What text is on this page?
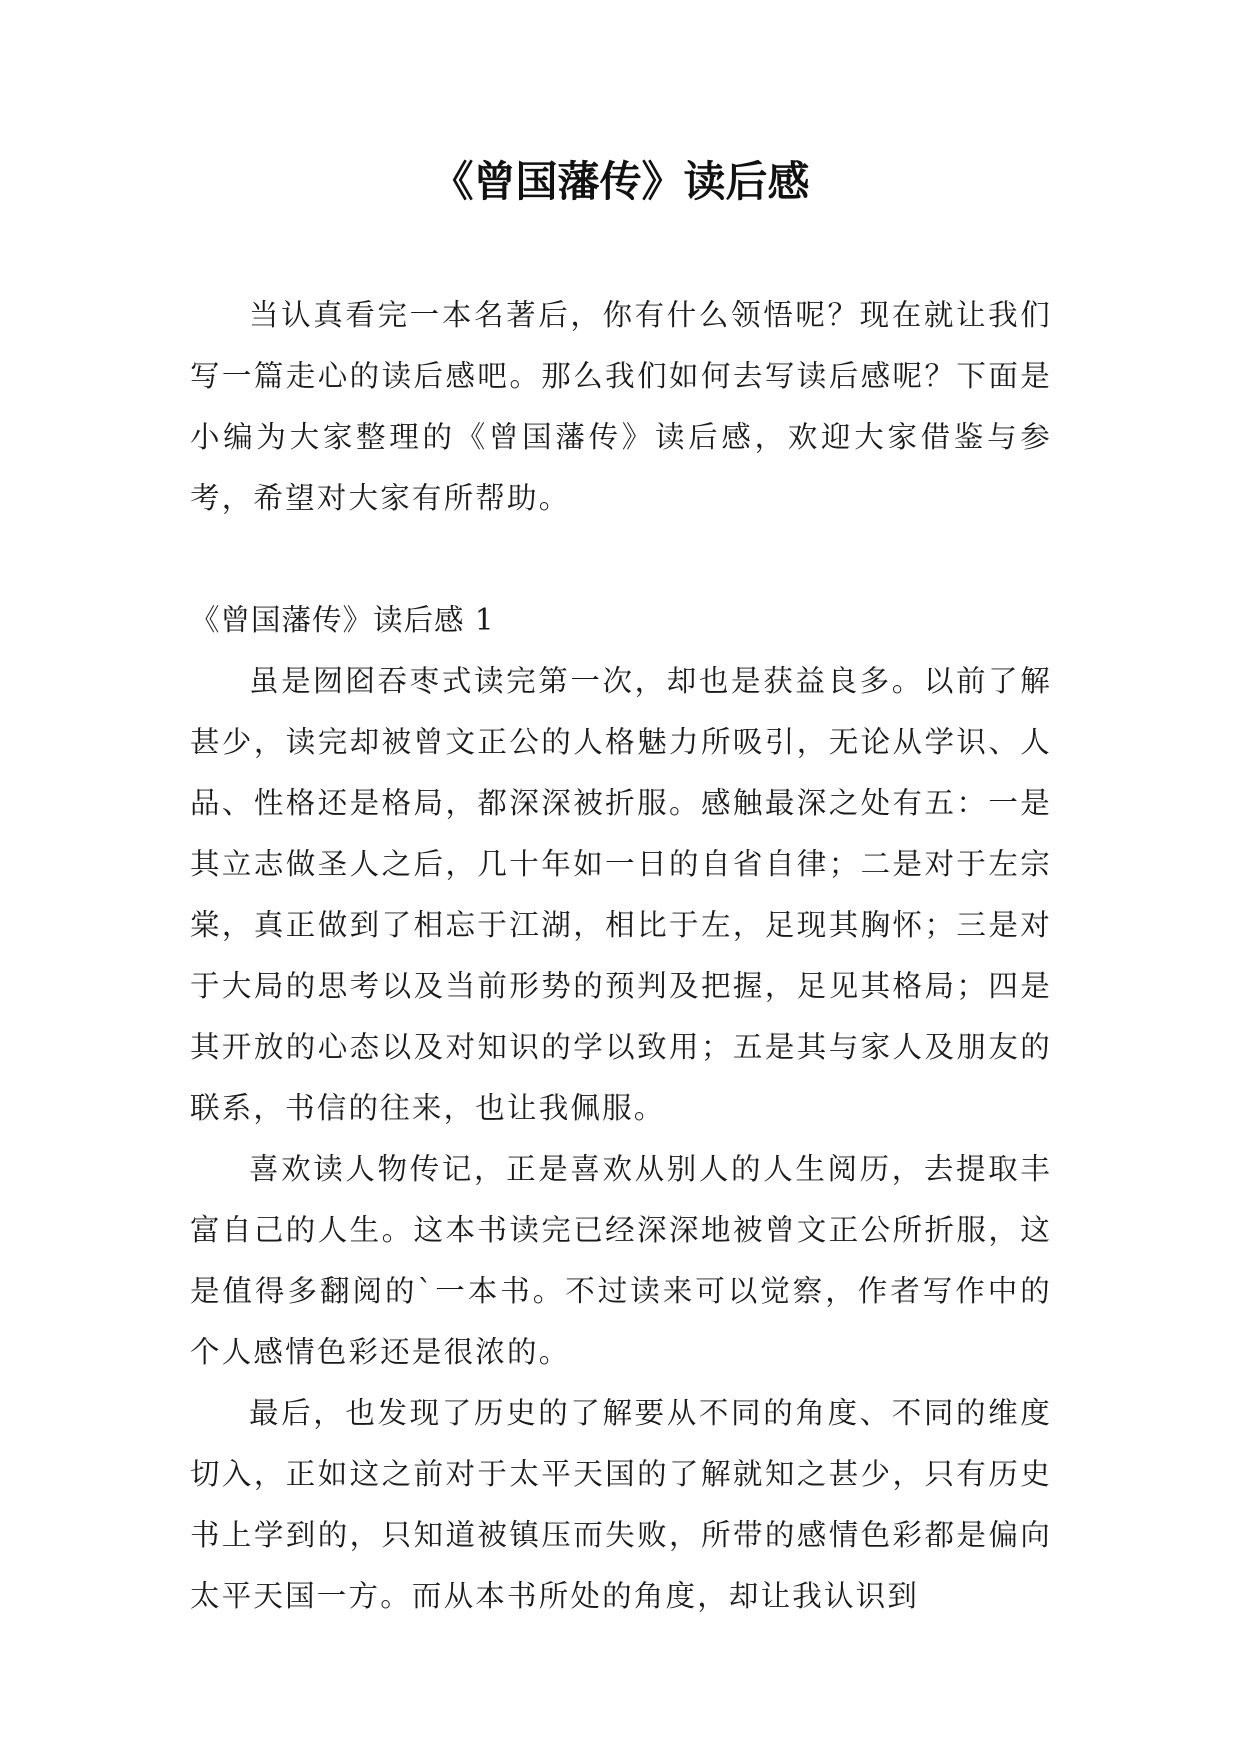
《曾国藩传》读后感

当认真看完一本名著后，你有什么领悟呢？现在就让我们写一篇走心的读后感吧。那么我们如何去写读后感呢？下面是小编为大家整理的《曾国藩传》读后感，欢迎大家借鉴与参考，希望对大家有所帮助。

《曾国藩传》读后感 1

虽是囫囵吞枣式读完第一次，却也是获益良多。以前了解甚少，读完却被曾文正公的人格魅力所吸引，无论从学识、人品、性格还是格局，都深深被折服。感触最深之处有五：一是其立志做圣人之后，几十年如一日的自省自律；二是对于左宗棠，真正做到了相忘于江湖，相比于左，足现其胸怀；三是对于大局的思考以及当前形势的预判及把握，足见其格局；四是其开放的心态以及对知识的学以致用；五是其与家人及朋友的联系，书信的往来，也让我佩服。

喜欢读人物传记，正是喜欢从别人的人生阅历，去提取丰富自己的人生。这本书读完已经深深地被曾文正公所折服，这是值得多翻阅的`一本书。不过读来可以觉察，作者写作中的个人感情色彩还是很浓的。

最后，也发现了历史的了解要从不同的角度、不同的维度切入，正如这之前对于太平天国的了解就知之甚少，只有历史书上学到的，只知道被镇压而失败，所带的感情色彩都是偏向太平天国一方。而从本书所处的角度，却让我认识到
